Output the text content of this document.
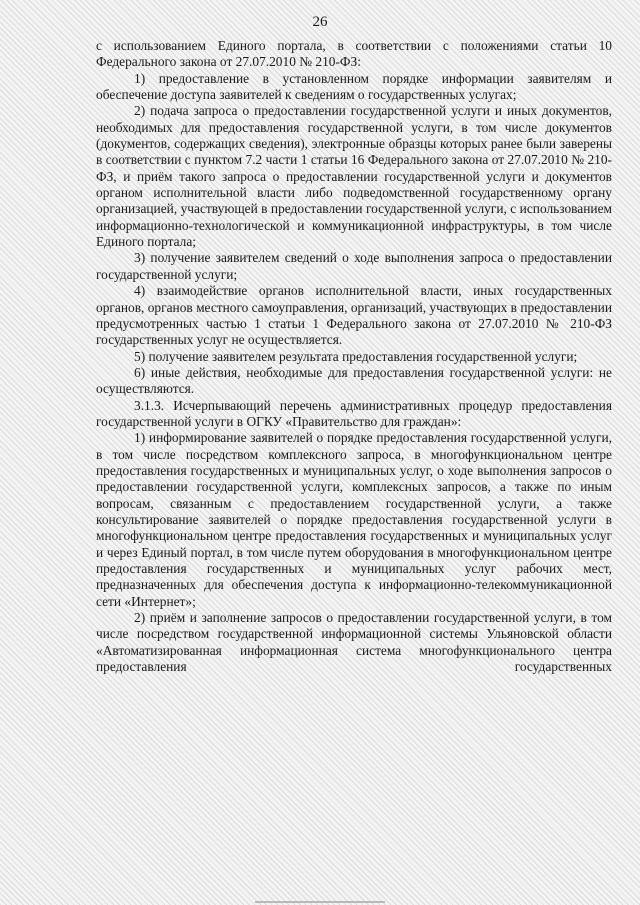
26

с использованием Единого портала, в соответствии с положениями статьи 10 Федерального закона от 27.07.2010 № 210-ФЗ:

1) предоставление в установленном порядке информации заявителям и обеспечение доступа заявителей к сведениям о государственных услугах;

2) подача запроса о предоставлении государственной услуги и иных документов, необходимых для предоставления государственной услуги, в том числе документов (документов, содержащих сведения), электронные образцы которых ранее были заверены в соответствии с пунктом 7.2 части 1 статьи 16 Федерального закона от 27.07.2010 № 210-ФЗ, и приём такого запроса о предоставлении государственной услуги и документов органом исполнительной власти либо подведомственной государственному органу организацией, участвующей в предоставлении государственной услуги, с использованием информационно-технологической и коммуникационной инфраструктуры, в том числе Единого портала;

3) получение заявителем сведений о ходе выполнения запроса о предоставлении государственной услуги;

4) взаимодействие органов исполнительной власти, иных государственных органов, органов местного самоуправления, организаций, участвующих в предоставлении предусмотренных частью 1 статьи 1 Федерального закона от 27.07.2010 № 210-ФЗ государственных услуг не осуществляется.

5) получение заявителем результата предоставления государственной услуги;

6) иные действия, необходимые для предоставления государственной услуги: не осуществляются.

3.1.3. Исчерпывающий перечень административных процедур предоставления государственной услуги в ОГКУ «Правительство для граждан»:

1) информирование заявителей о порядке предоставления государственной услуги, в том числе посредством комплексного запроса, в многофункциональном центре предоставления государственных и муниципальных услуг, о ходе выполнения запросов о предоставлении государственной услуги, комплексных запросов, а также по иным вопросам, связанным с предоставлением государственной услуги, а также консультирование заявителей о порядке предоставления государственной услуги в многофункциональном центре предоставления государственных и муниципальных услуг и через Единый портал, в том числе путем оборудования в многофункциональном центре предоставления государственных и муниципальных услуг рабочих мест, предназначенных для обеспечения доступа к информационно-телекоммуникационной сети «Интернет»;

2) приём и заполнение запросов о предоставлении государственной услуги, в том числе посредством государственной информационной системы Ульяновской области «Автоматизированная информационная система многофункционального центра предоставления государственных
